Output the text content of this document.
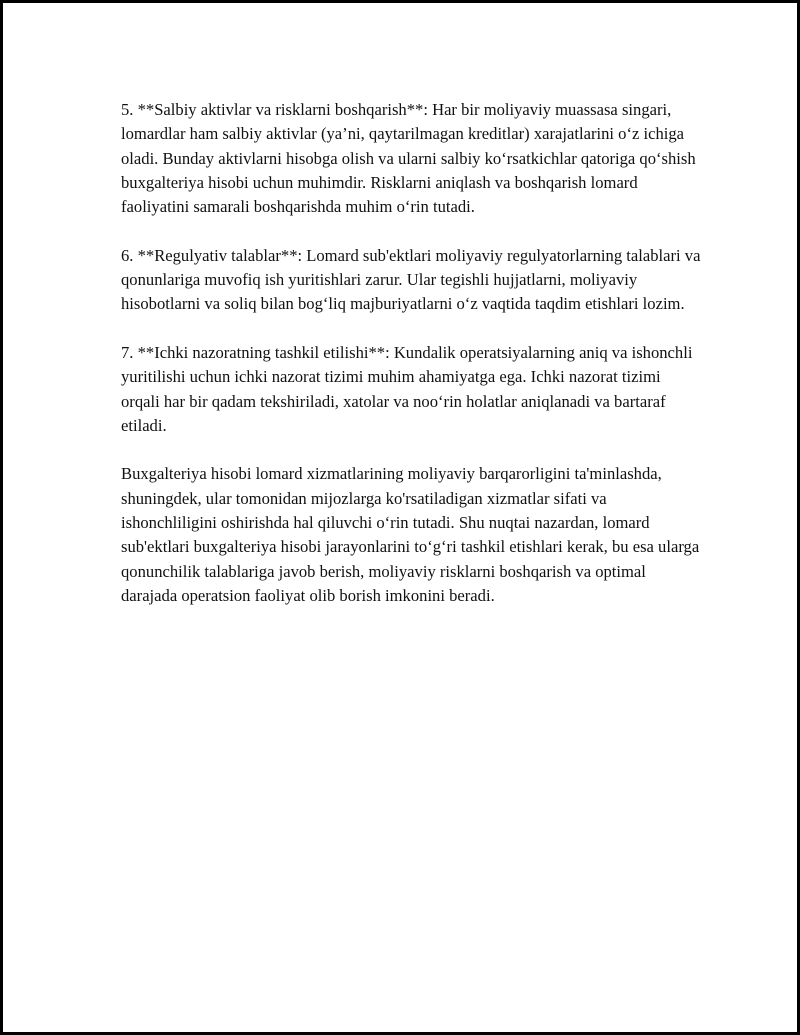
5. **Salbiy aktivlar va risklarni boshqarish**: Har bir moliyaviy muassasa singari, lomardlar ham salbiy aktivlar (ya’ni, qaytarilmagan kreditlar) xarajatlarini o‘z ichiga oladi. Bunday aktivlarni hisobga olish va ularni salbiy ko‘rsatkichlar qatoriga qo‘shish buxgalteriya hisobi uchun muhimdir. Risklarni aniqlash va boshqarish lomard faoliyatini samarali boshqarishda muhim o‘rin tutadi.

6. **Regulyativ talablar**: Lomard sub'ektlari moliyaviy regulyatorlarning talablari va qonunlariga muvofiq ish yuritishlari zarur. Ular tegishli hujjatlarni, moliyaviy hisobotlarni va soliq bilan bog‘liq majburiyatlarni o‘z vaqtida taqdim etishlari lozim.

7. **Ichki nazoratning tashkil etilishi**: Kundalik operatsiyalarning aniq va ishonchli yuritilishi uchun ichki nazorat tizimi muhim ahamiyatga ega. Ichki nazorat tizimi orqali har bir qadam tekshiriladi, xatolar va noo‘rin holatlar aniqlanadi va bartaraf etiladi.

Buxgalteriya hisobi lomard xizmatlarining moliyaviy barqarorligini ta'minlashda, shuningdek, ular tomonidan mijozlarga ko'rsatiladigan xizmatlar sifati va ishonchliligini oshirishda hal qiluvchi o‘rin tutadi. Shu nuqtai nazardan, lomard sub'ektlari buxgalteriya hisobi jarayonlarini to‘g‘ri tashkil etishlari kerak, bu esa ularga qonunchilik talablariga javob berish, moliyaviy risklarni boshqarish va optimal darajada operatsion faoliyat olib borish imkonini beradi.
